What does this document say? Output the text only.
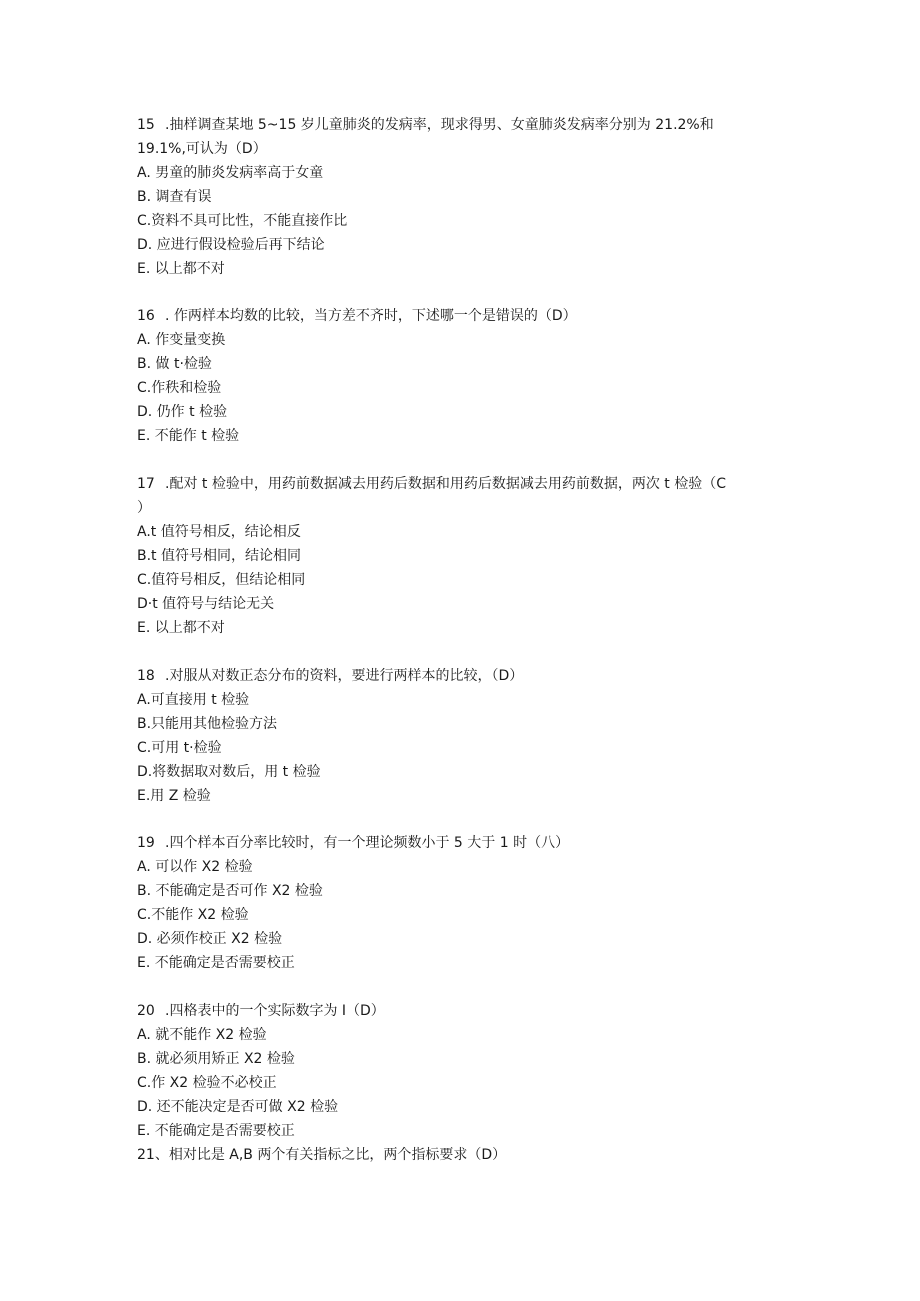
15 .抽样调查某地 5~15 岁儿童肺炎的发病率，现求得男、女童肺炎发病率分别为 21.2%和
19.1%,可认为（D）
A. 男童的肺炎发病率高于女童
B. 调查有误
C.资料不具可比性，不能直接作比
D. 应进行假设检验后再下结论
E. 以上都不对
16 . 作两样本均数的比较，当方差不齐时，下述哪一个是错误的（D）
A. 作变量变换
B. 做 t·检验
C.作秩和检验
D. 仍作 t 检验
E. 不能作 t 检验
17 .配对 t 检验中，用药前数据减去用药后数据和用药后数据减去用药前数据，两次 t 检验（C
）
A.t 值符号相反，结论相反
B.t 值符号相同，结论相同
C.值符号相反，但结论相同
D·t 值符号与结论无关
E. 以上都不对
18 .对服从对数正态分布的资料，要进行两样本的比较，（D）
A.可直接用 t 检验
B.只能用其他检验方法
C.可用 t·检验
D.将数据取对数后，用 t 检验
E.用 Z 检验
19 .四个样本百分率比较时，有一个理论频数小于 5 大于 1 时（八）
A. 可以作 X2 检验
B. 不能确定是否可作 X2 检验
C.不能作 X2 检验
D. 必须作校正 X2 检验
E. 不能确定是否需要校正
20 .四格表中的一个实际数字为 I（D）
A. 就不能作 X2 检验
B. 就必须用矫正 X2 检验
C.作 X2 检验不必校正
D. 还不能决定是否可做 X2 检验
E. 不能确定是否需要校正
21、相对比是 A,B 两个有关指标之比，两个指标要求（D）
